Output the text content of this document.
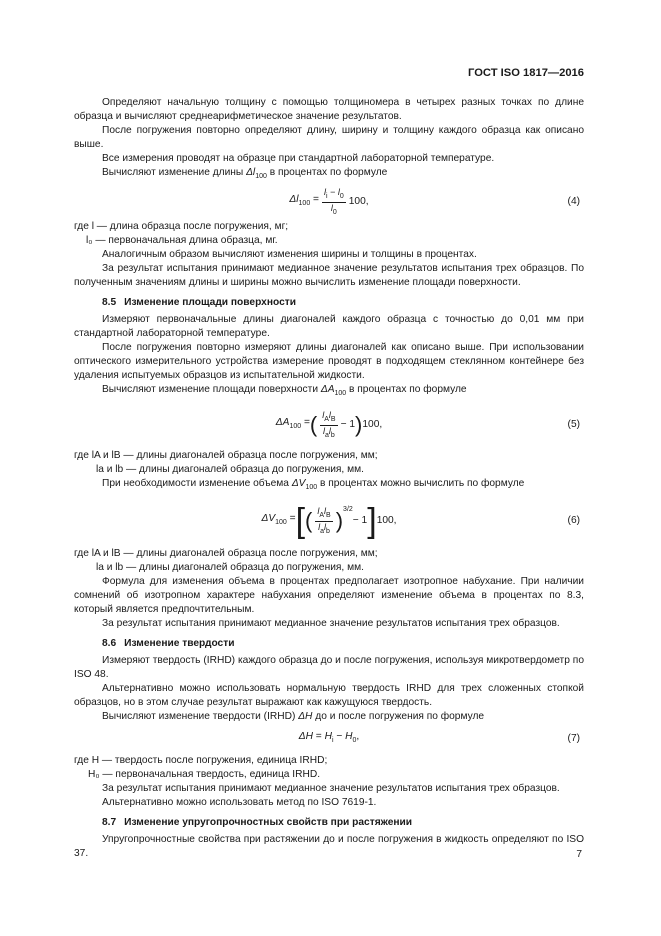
ГОСТ ISO 1817—2016

Определяют начальную толщину с помощью толщиномера в четырех разных точках по длине образца и вычисляют среднеарифметическое значение результатов.

После погружения повторно определяют длину, ширину и толщину каждого образца как описано выше.

Все измерения проводят на образце при стандартной лабораторной температуре.

Вычисляют изменение длины $\Delta l_{100}$ в процентах по формуле

$\Delta l_{100} = \frac{l_i - l_0}{l_0} 100$,	(4)

где l — длина образца после погружения, мг;

l₀ — первоначальная длина образца, мг.

Аналогичным образом вычисляют изменения ширины и толщины в процентах.

За результат испытания принимают медианное значение результатов испытания трех образцов. По полученным значениям длины и ширины можно вычислить изменение площади поверхности.

8.5 Изменение площади поверхности

Измеряют первоначальные длины диагоналей каждого образца с точностью до 0,01 мм при стандартной лабораторной температуре.

После погружения повторно измеряют длины диагоналей как описано выше. При использовании оптического измерительного устройства измерение проводят в подходящем стеклянном контейнере без удаления испытуемых образцов из испытательной жидкости.

Вычисляют изменение площади поверхности $\Delta A_{100}$ в процентах по формуле

$\Delta A_{100}$ = ( $\frac{l_Al_B}{l_al_b} - 1$ ) 100,	(5)

где lA и lB — длины диагоналей образца после погружения, мм;

la и lb — длины диагоналей образца до погружения, мм.

При необходимости изменение объема $\Delta V_{100}$ в процентах можно вычислить по формуле

$\Delta V_{100}$ = [ ( $\frac{l_Al_B}{l_al_b} )^{3/2}$
− 1 ] 100,	(6)

где lA и lB — длины диагоналей образца после погружения, мм;

la и lb — длины диагоналей образца до погружения, мм.

Формула для изменения объема в процентах предполагает изотропное набухание. При наличии сомнений об изотропном характере набухания определяют изменение объема в процентах по 8.3, который является предпочтительным.

За результат испытания принимают медианное значение результатов испытания трех образцов.

8.6 Изменение твердости

Измеряют твердость (IRHD) каждого образца до и после погружения, используя микротвердометр по ISO 48.

Альтернативно можно использовать нормальную твердость IRHD для трех сложенных стопкой образцов, но в этом случае результат выражают как кажущуюся твердость.

Вычисляют изменение твердости (IRHD) ΔH до и после погружения по формуле

$\Delta H = H_i - H_0$,	(7)

где H — твердость после погружения, единица IRHD;

H₀ — первоначальная твердость, единица IRHD.

За результат испытания принимают медианное значение результатов испытания трех образцов.

Альтернативно можно использовать метод по ISO 7619-1.

8.7 Изменение упругопрочностных свойств при растяжении

Упругопрочностные свойства при растяжении до и после погружения в жидкость определяют по ISO 37.	7
